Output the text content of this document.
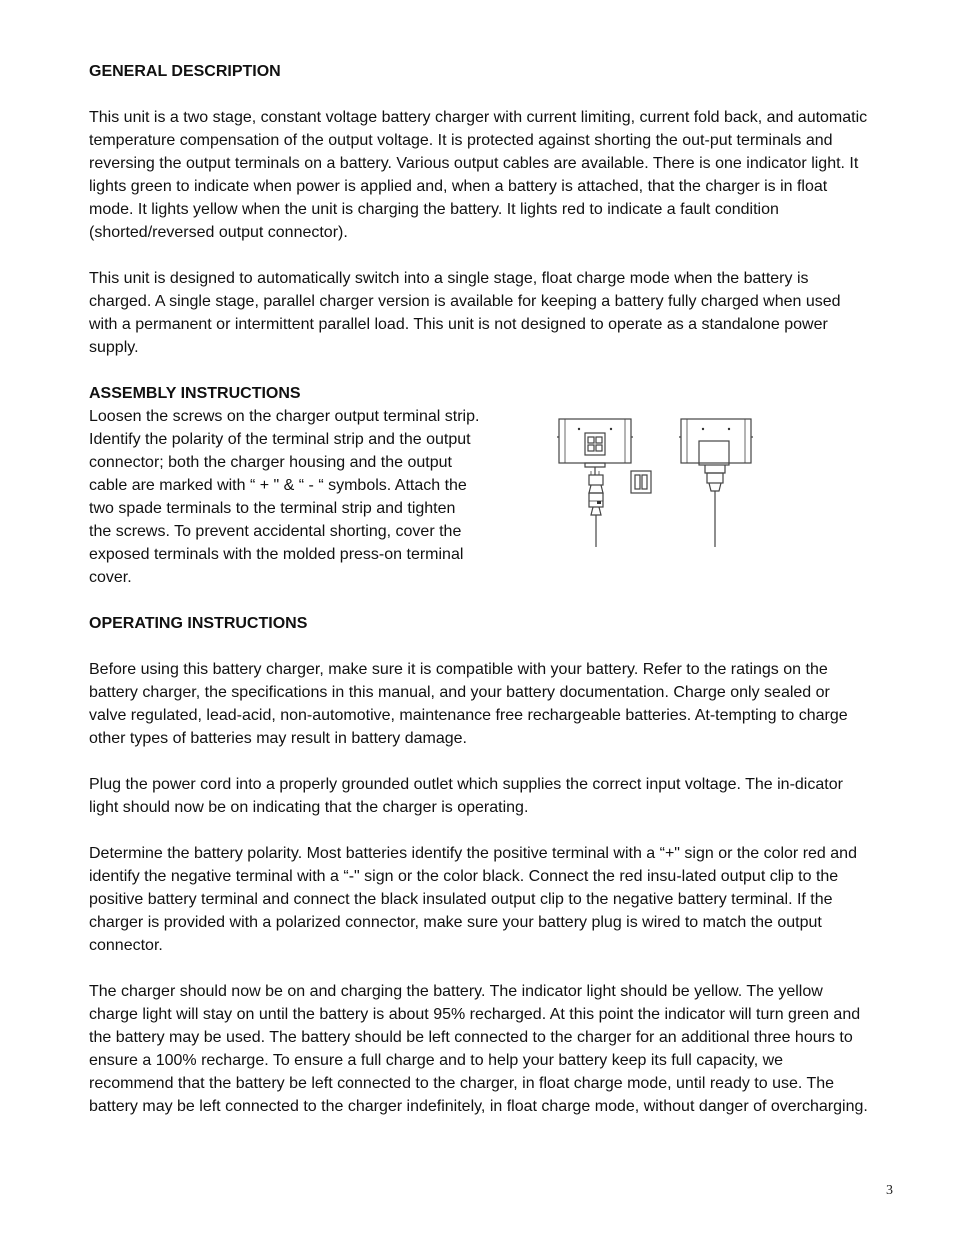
GENERAL DESCRIPTION

This unit is a two stage, constant voltage battery charger with current limiting, current fold back, and automatic temperature compensation of the output voltage. It is protected against shorting the out-put terminals and reversing the output terminals on a battery. Various output cables are available. There is one indicator light. It lights green to indicate when power is applied and, when a battery is attached, that the charger is in float mode. It lights yellow when the unit is charging the battery. It lights red to indicate a fault condition (shorted/reversed output connector).

This unit is designed to automatically switch into a single stage, float charge mode when the battery is charged. A single stage, parallel charger version is available for keeping a battery fully charged when used with a permanent or intermittent parallel load. This unit is not designed to operate as a standalone power supply.

ASSEMBLY INSTRUCTIONS

Loosen the screws on the charger output terminal strip. Identify the polarity of the terminal strip and the output connector; both the charger housing and the output cable are marked with “ + " & “ - “ symbols. Attach the two spade terminals to the terminal strip and tighten the screws. To prevent accidental shorting, cover the exposed terminals with the molded press-on terminal cover.

OPERATING INSTRUCTIONS

Before using this battery charger, make sure it is compatible with your battery. Refer to the ratings on the battery charger, the specifications in this manual, and your battery documentation. Charge only sealed or valve regulated, lead-acid, non-automotive, maintenance free rechargeable batteries. At-tempting to charge other types of batteries may result in battery damage.

Plug the power cord into a properly grounded outlet which supplies the correct input voltage. The in-dicator light should now be on indicating that the charger is operating.

Determine the battery polarity. Most batteries identify the positive terminal with a “+" sign or the color red and identify the negative terminal with a “-" sign or the color black. Connect the red insu-lated output clip to the positive battery terminal and connect the black insulated output clip to the negative battery terminal. If the charger is provided with a polarized connector, make sure your battery plug is wired to match the output connector.

The charger should now be on and charging the battery. The indicator light should be yellow. The yellow charge light will stay on until the battery is about 95% recharged. At this point the indicator will turn green and the battery may be used. The battery should be left connected to the charger for an additional three hours to ensure a 100% recharge. To ensure a full charge and to help your battery keep its full capacity, we recommend that the battery be left connected to the charger, in float charge mode, until ready to use. The battery may be left connected to the charger indefinitely, in float charge mode, without danger of overcharging.

3
